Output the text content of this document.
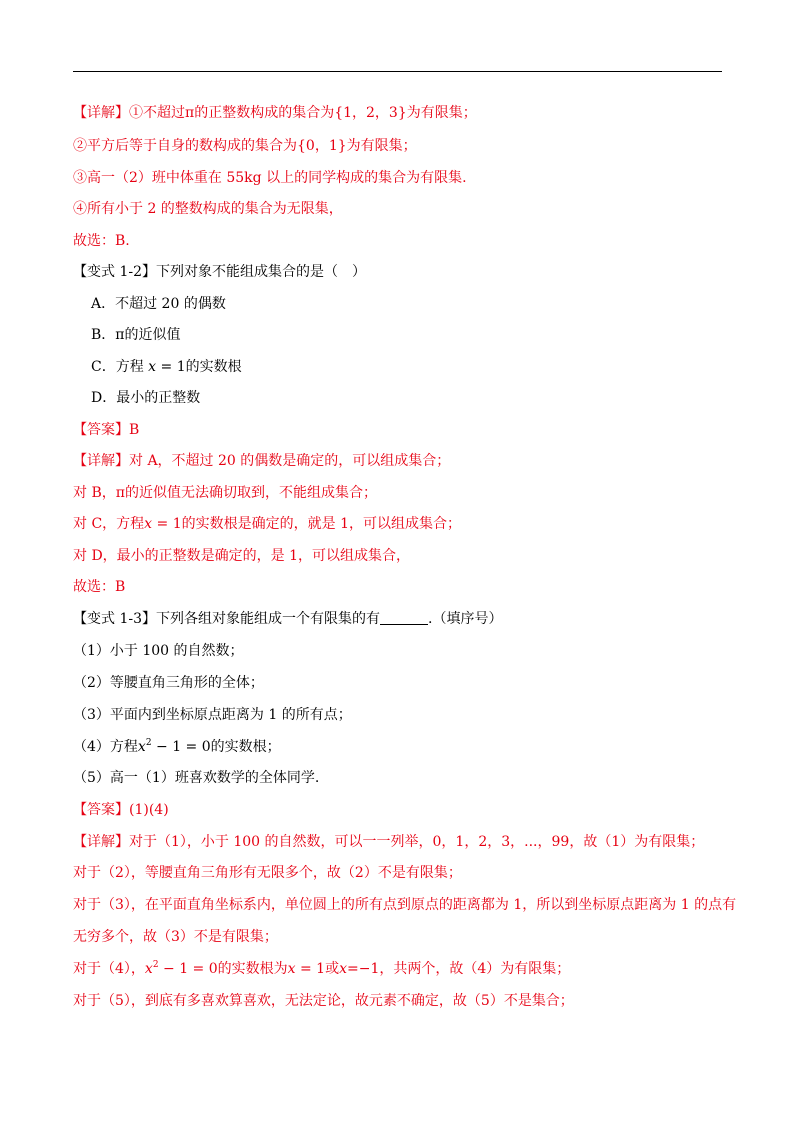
【详解】①不超过π的正整数构成的集合为{1，2，3}为有限集；
②平方后等于自身的数构成的集合为{0，1}为有限集；
③高一（2）班中体重在 55kg 以上的同学构成的集合为有限集.
④所有小于 2 的整数构成的集合为无限集，
故选：B.
【变式 1-2】下列对象不能组成集合的是（　）
A．不超过 20 的偶数
B．π的近似值
C．方程 x = 1的实数根
D．最小的正整数
【答案】B
【详解】对 A，不超过 20 的偶数是确定的，可以组成集合；
对 B，π的近似值无法确切取到，不能组成集合；
对 C，方程x = 1的实数根是确定的，就是 1，可以组成集合；
对 D，最小的正整数是确定的，是 1，可以组成集合，
故选：B
【变式 1-3】下列各组对象能组成一个有限集的有	.（填序号）
（1）小于 100 的自然数；
（2）等腰直角三角形的全体；
（3）平面内到坐标原点距离为 1 的所有点；
（4）方程$x^2 - 1 = 0$的实数根；
（5）高一（1）班喜欢数学的全体同学.
【答案】(1)(4)
【详解】对于（1），小于 100 的自然数，可以一一列举，0，1，2，3，...，99，故（1）为有限集；
对于（2），等腰直角三角形有无限多个，故（2）不是有限集；
对于（3），在平面直角坐标系内，单位圆上的所有点到原点的距离都为 1，所以到坐标原点距离为 1 的点有
无穷多个，故（3）不是有限集；
对于（4），$x^2 - 1 = 0$的实数根为x = 1或x=−1，共两个，故（4）为有限集；
对于（5），到底有多喜欢算喜欢，无法定论，故元素不确定，故（5）不是集合；
